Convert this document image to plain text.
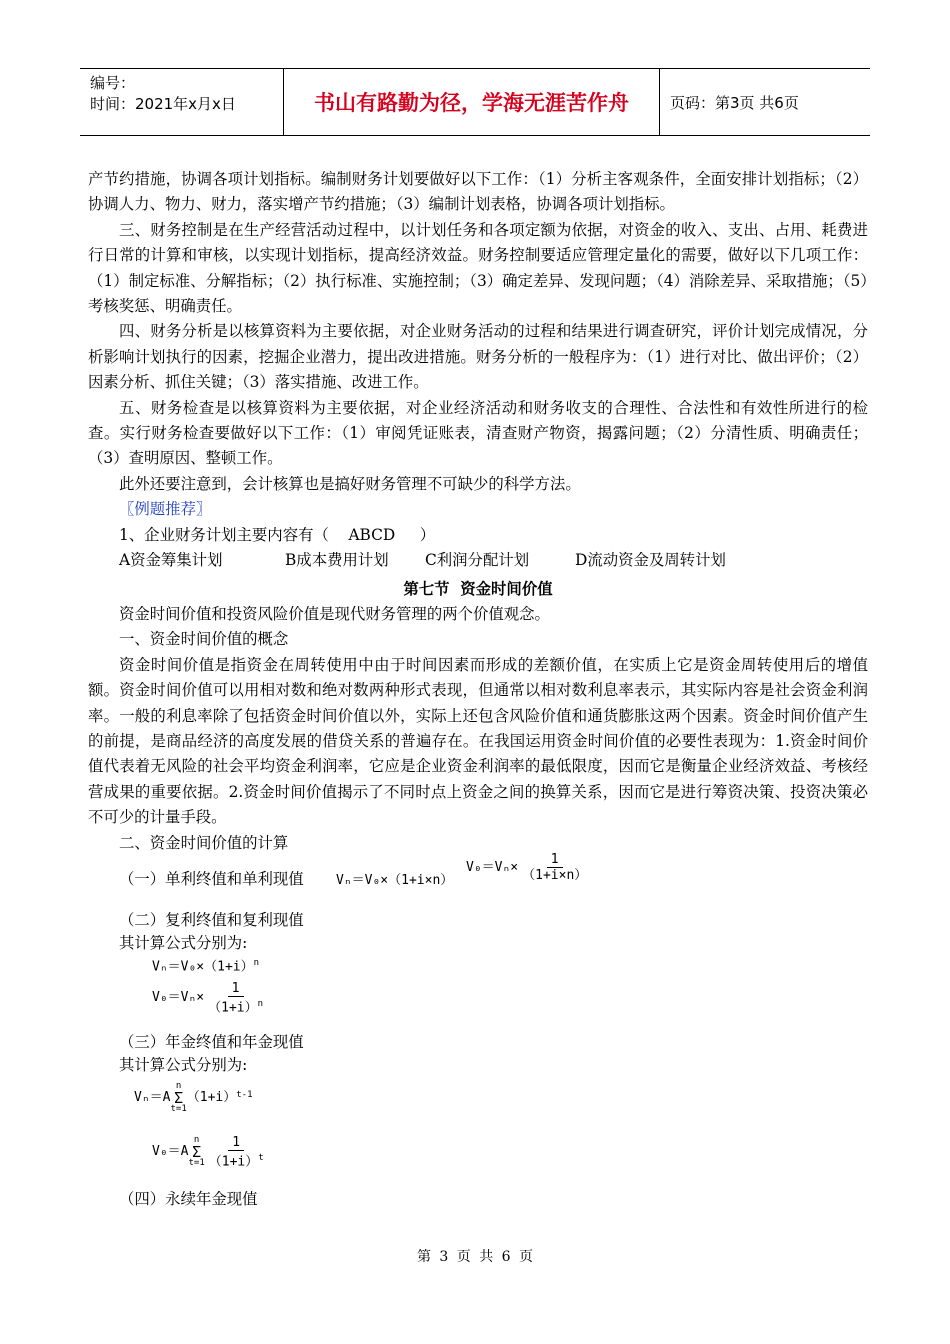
编号：
时间：2021年x月x日	书山有路勤为径，学海无涯苦作舟	页码：第3页 共6页

产节约措施，协调各项计划指标。编制财务计划要做好以下工作：（1）分析主客观条件，全面安排计划指标；（2）协调人力、物力、财力，落实增产节约措施；（3）编制计划表格，协调各项计划指标。

三、财务控制是在生产经营活动过程中，以计划任务和各项定额为依据，对资金的收入、支出、占用、耗费进行日常的计算和审核，以实现计划指标，提高经济效益。财务控制要适应管理定量化的需要，做好以下几项工作：（1）制定标准、分解指标；（2）执行标准、实施控制；（3）确定差异、发现问题；（4）消除差异、采取措施；（5）考核奖惩、明确责任。

四、财务分析是以核算资料为主要依据，对企业财务活动的过程和结果进行调查研究，评价计划完成情况，分析影响计划执行的因素，挖掘企业潜力，提出改进措施。财务分析的一般程序为：（1）进行对比、做出评价；（2）因素分析、抓住关键；（3）落实措施、改进工作。

五、财务检查是以核算资料为主要依据，对企业经济活动和财务收支的合理性、合法性和有效性所进行的检查。实行财务检查要做好以下工作：（1）审阅凭证账表，清查财产物资，揭露问题；（2）分清性质、明确责任；（3）查明原因、整顿工作。

此外还要注意到，会计核算也是搞好财务管理不可缺少的科学方法。

〖例题推荐〗

1、企业财务计划主要内容有（    ABCD     ）

A资金筹集计划	B成本费用计划	C利润分配计划	D流动资金及周转计划

第七节  资金时间价值

资金时间价值和投资风险价值是现代财务管理的两个价值观念。

一、资金时间价值的概念

资金时间价值是指资金在周转使用中由于时间因素而形成的差额价值，在实质上它是资金周转使用后的增值额。资金时间价值可以用相对数和绝对数两种形式表现，但通常以相对数利息率表示，其实际内容是社会资金利润率。一般的利息率除了包括资金时间价值以外，实际上还包含风险价值和通货膨胀这两个因素。资金时间价值产生的前提，是商品经济的高度发展的借贷关系的普遍存在。在我国运用资金时间价值的必要性表现为：1.资金时间价值代表着无风险的社会平均资金利润率，它应是企业资金利润率的最低限度，因而它是衡量企业经济效益、考核经营成果的重要依据。2.资金时间价值揭示了不同时点上资金之间的换算关系，因而它是进行筹资决策、投资决策必不可少的计量手段。

二、资金时间价值的计算

（一）单利终值和单利现值 Vₙ＝V₀×（1+i×n）
$V_0=V_n\times \frac{1}{(1+i\times n)}$

（二）复利终值和复利现值

其计算公式分别为:

$V_n=V_0\times(1+i)^n$
$V_0=V_n\times \frac{1}{(1+i)^n}$

（三）年金终值和年金现值

其计算公式分别为:

Vₙ＝A
n
Σ
t=1
（1+i） t-1
V₀＝A
n
Σ
$t=1 \frac{1}{(1+i)^t}$

（四）永续年金现值

第 3 页 共 6 页
